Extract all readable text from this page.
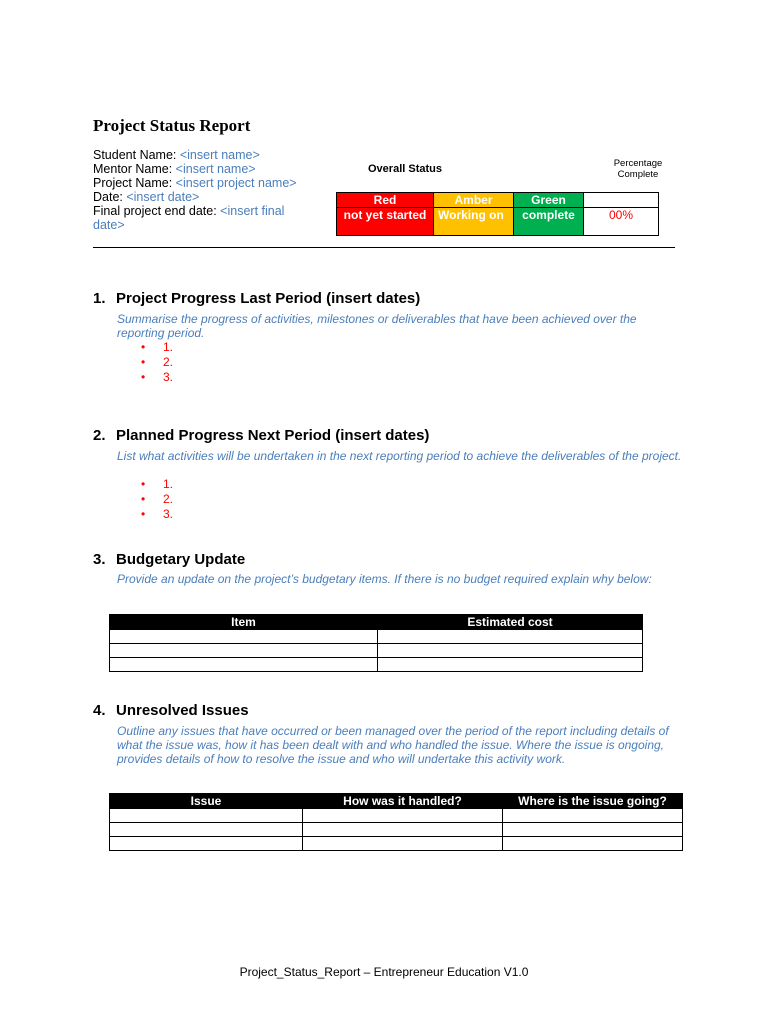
Project Status Report
Student Name: <insert name>
Mentor Name: <insert name>
Project Name: <insert project name>
Date: <insert date>
Final project end date: <insert final date>
Overall Status	Percentage Complete
Red	Amber	Green	
not yet started	Working on	complete	00%
1. Project Progress Last Period (insert dates)
Summarise the progress of activities, milestones or deliverables that have been achieved over the reporting period.
• 1.
• 2.
• 3.
2. Planned Progress Next Period (insert dates)
List what activities will be undertaken in the next reporting period to achieve the deliverables of the project.
• 1.
• 2.
• 3.
3. Budgetary Update
Provide an update on the project’s budgetary items. If there is no budget required explain why below:
Item	Estimated cost

4. Unresolved Issues
Outline any issues that have occurred or been managed over the period of the report including details of what the issue was, how it has been dealt with and who handled the issue. Where the issue is ongoing, provides details of how to resolve the issue and who will undertake this activity work.
Issue	How was it handled?	Where is the issue going?

Project_Status_Report – Entrepreneur Education V1.0
